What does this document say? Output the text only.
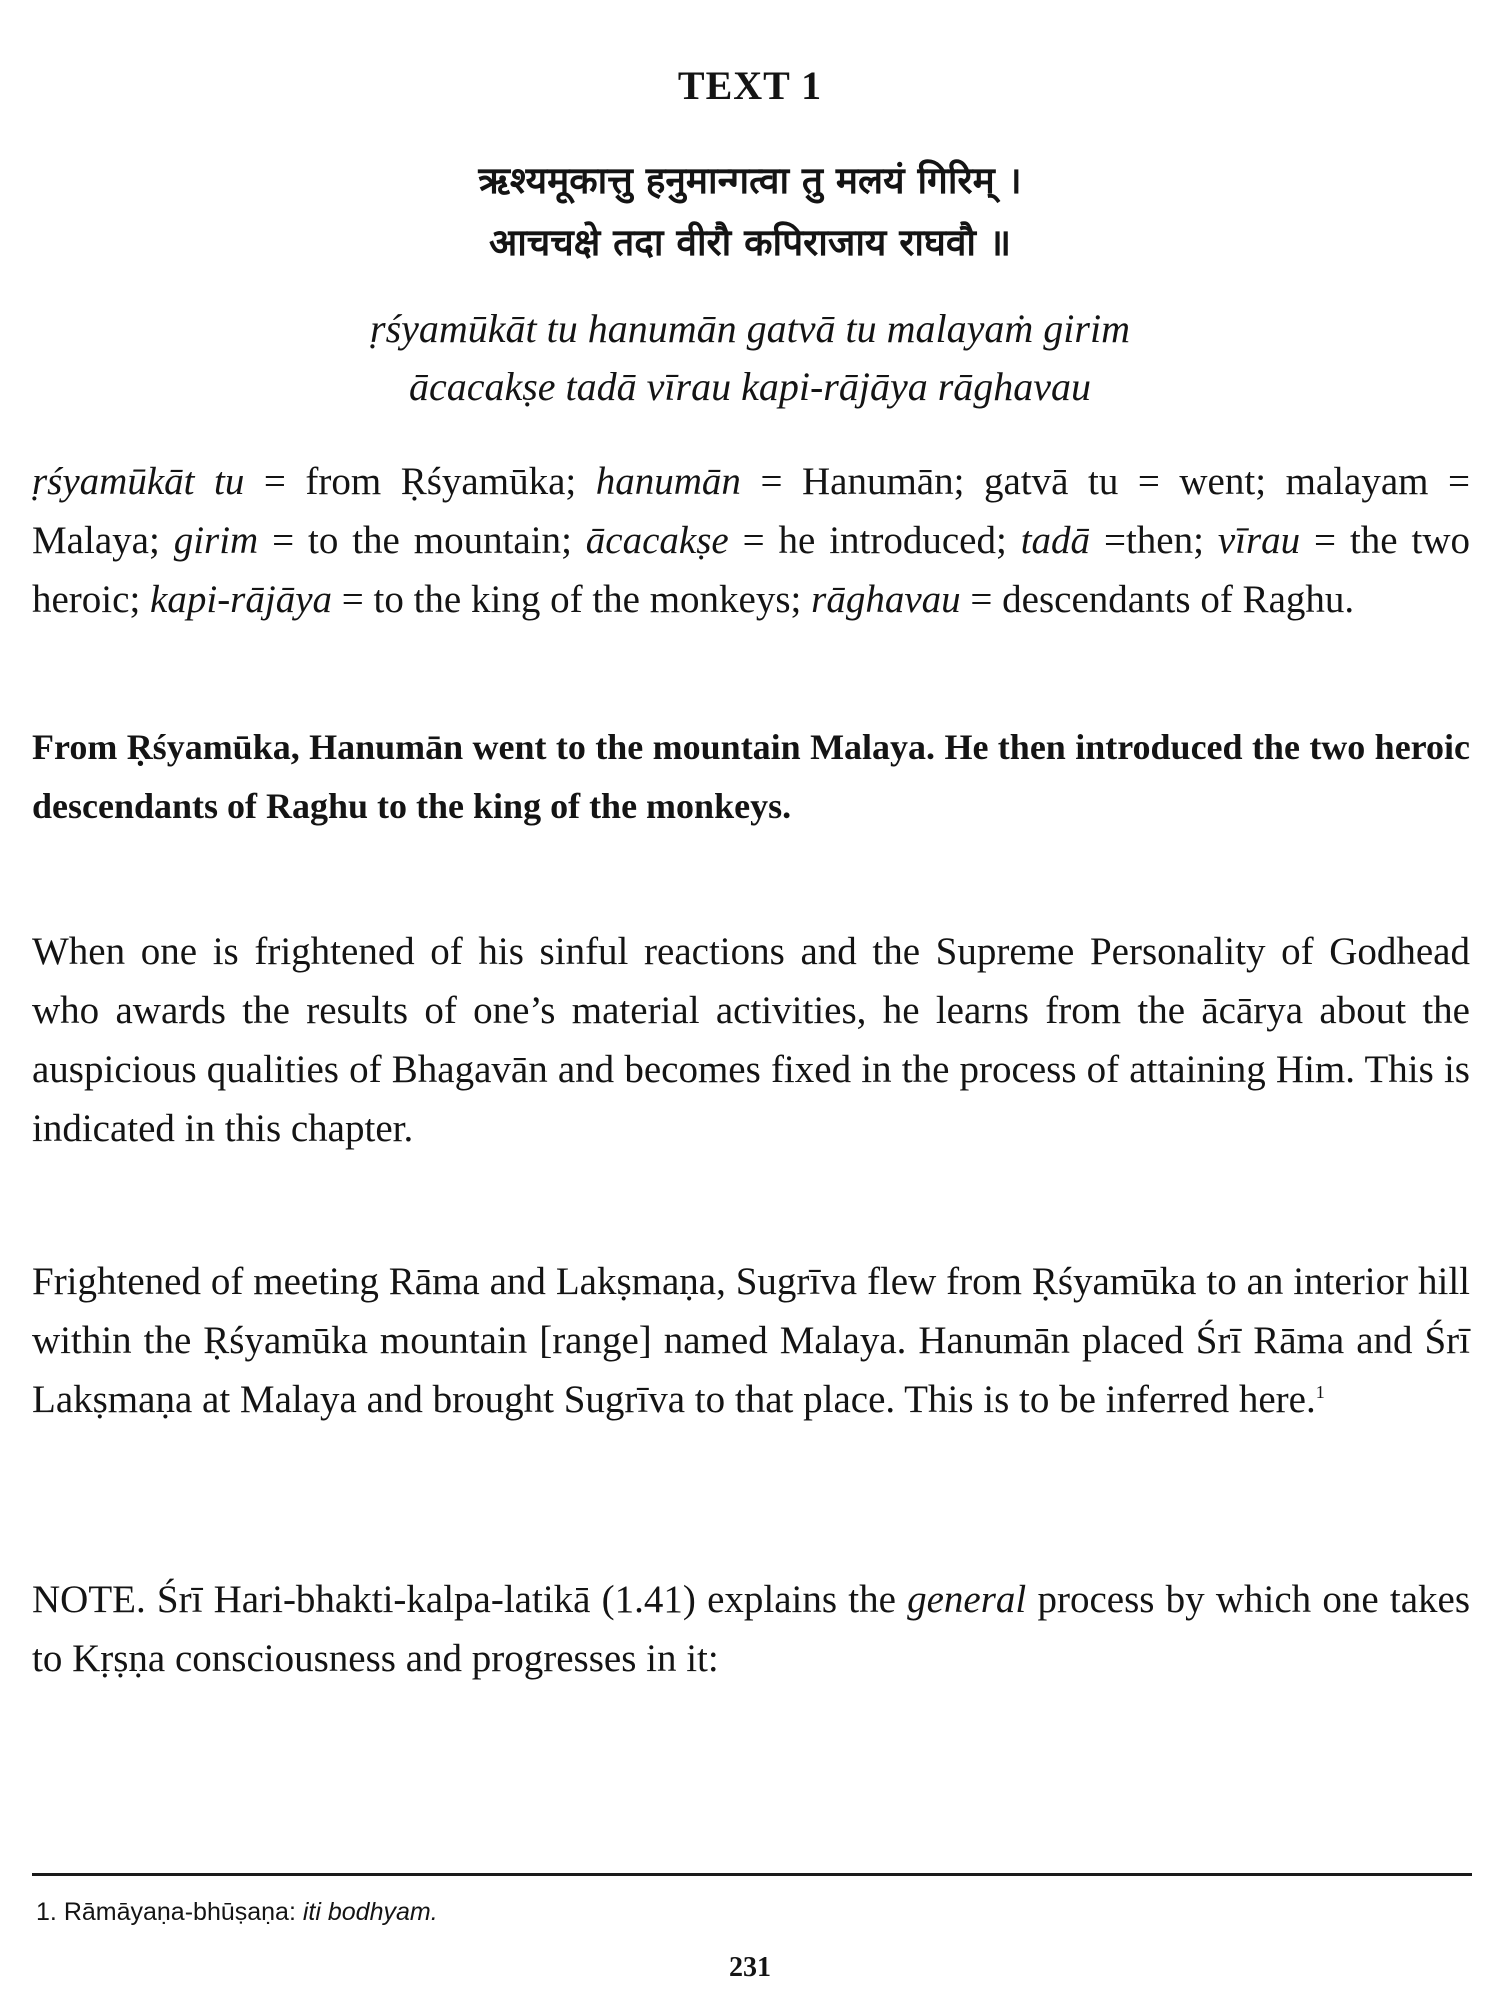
TEXT 1
ऋश्यमूकात्तु हनुमान्गत्वा तु मलयं गिरिम् ।
आचचक्षे तदा वीरौ कपिराजाय राघवौ ॥
ṛśyamūkāt tu hanumān gatvā tu malayaṁ girim
ācacakṣe tadā vīrau kapi-rājāya rāghavau

ṛśyamūkāt tu = from Ṛśyamūka; hanumān = Hanumān; gatvā tu = went; malayam = Malaya; girim = to the mountain; ācacakṣe = he introduced; tadā =then; vīrau = the two heroic; kapi-rājāya = to the king of the monkeys; rāghavau = descendants of Raghu.

From Ṛśyamūka, Hanumān went to the mountain Malaya. He then introduced the two heroic descendants of Raghu to the king of the monkeys.

When one is frightened of his sinful reactions and the Supreme Personality of Godhead who awards the results of one’s material activities, he learns from the ācārya about the auspicious qualities of Bhagavān and becomes fixed in the process of attaining Him. This is indicated in this chapter.

Frightened of meeting Rāma and Lakṣmaṇa, Sugrīva flew from Ṛśyamūka to an interior hill within the Ṛśyamūka mountain [range] named Malaya. Hanumān placed Śrī Rāma and Śrī Lakṣmaṇa at Malaya and brought Sugrīva to that place. This is to be inferred here.$^1$

NOTE. Śrī Hari-bhakti-kalpa-latikā (1.41) explains the general process by which one takes to Kṛṣṇa consciousness and progresses in it:

1. Rāmāyaṇa-bhūṣaṇa: iti bodhyam.
231
